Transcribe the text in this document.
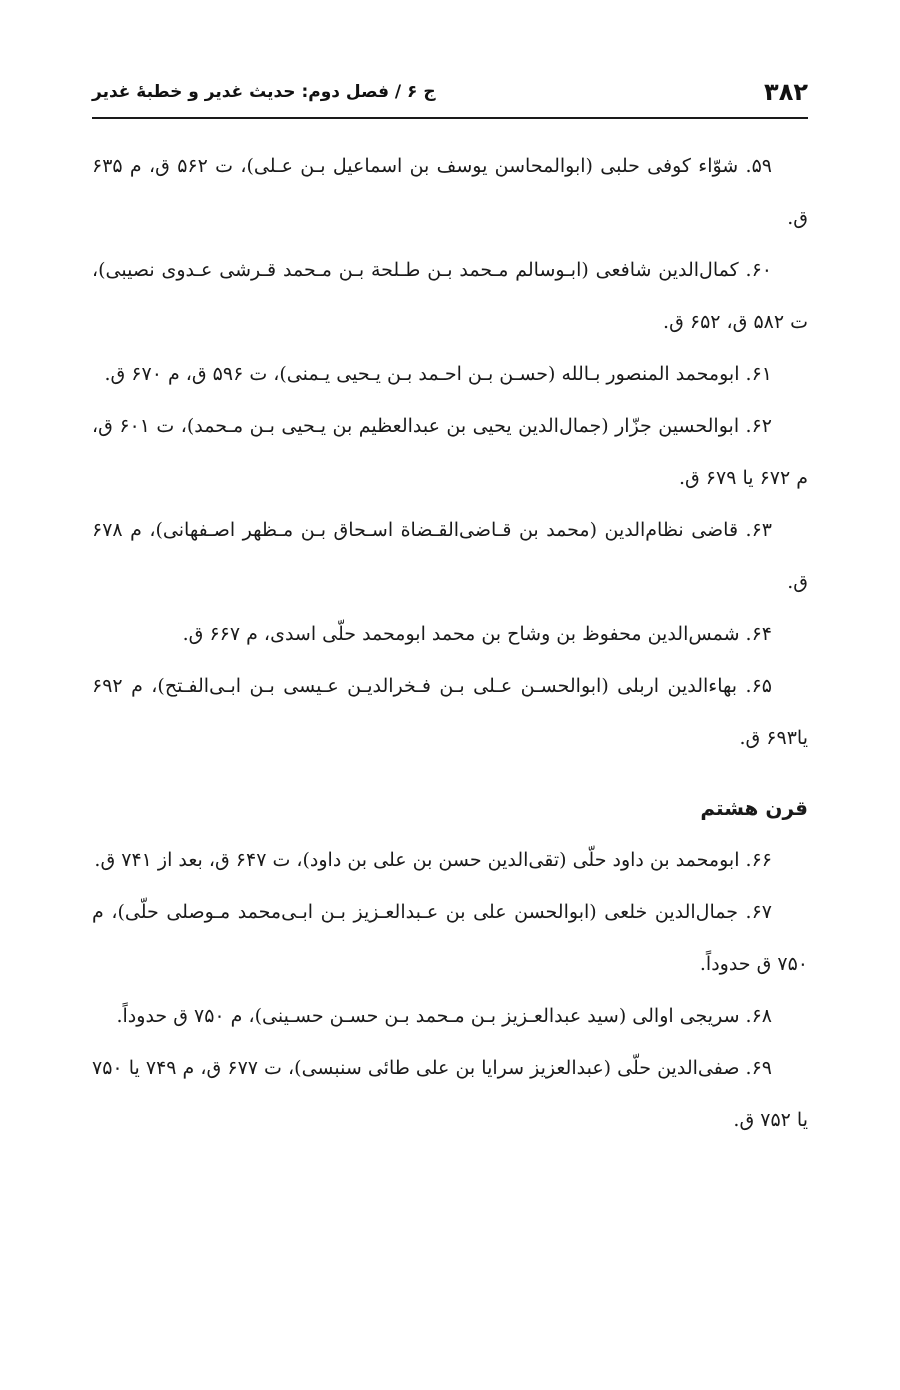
۳۸۲
ج ۶ / فصل دوم: حدیث غدیر و خطبهٔ غدیر

۵۹. شوّاء کوفی حلبی (ابوالمحاسن یوسف بن اسماعیل بـن عـلی)، ت ۵۶۲ ق، م ۶۳۵ ق.

۶۰. کمال‌الدین شافعی (ابـوسالم مـحمد بـن طـلحة بـن مـحمد قـرشی عـدوی نصیبی)، ت ۵۸۲ ق، ۶۵۲ ق.

۶۱. ابومحمد المنصور بـالله (حسـن بـن احـمد بـن یـحیی یـمنی)، ت ۵۹۶ ق، م ۶۷۰ ق.

۶۲. ابوالحسین جزّار (جمال‌الدین یحیی بن عبدالعظیم بن یـحیی بـن مـحمد)، ت ۶۰۱ ق، م ۶۷۲ یا ۶۷۹ ق.

۶۳. قاضی نظام‌الدین (محمد بن قـاضی‌القـضاة اسـحاق بـن مـظهر اصـفهانی)، م ۶۷۸ ق.

۶۴. شمس‌الدین محفوظ بن وشاح بن محمد ابومحمد حلّی اسدی، م ۶۶۷ ق.

۶۵. بهاءالدین اربلی (ابوالحسـن عـلی بـن فـخرالدیـن عـیسی بـن ابـی‌الفـتح)، م ۶۹۲ یا۶۹۳ ق.

قرن هشتم

۶۶. ابومحمد بن داود حلّی (تقی‌الدین حسن بن علی بن داود)، ت ۶۴۷ ق، بعد از ۷۴۱ ق.

۶۷. جمال‌الدین خلعی (ابوالحسن علی بن عـبدالعـزیز بـن ابـی‌محمد مـوصلی حلّی)، م ۷۵۰ ق حدوداً.

۶۸. سریجی اوالی (سید عبدالعـزیز بـن مـحمد بـن حسـن حسـینی)، م ۷۵۰ ق حدوداً.

۶۹. صفی‌الدین حلّی (عبدالعزیز سرایا بن علی طائی سنبسی)، ت ۶۷۷ ق، م ۷۴۹ یا ۷۵۰ یا ۷۵۲ ق.
